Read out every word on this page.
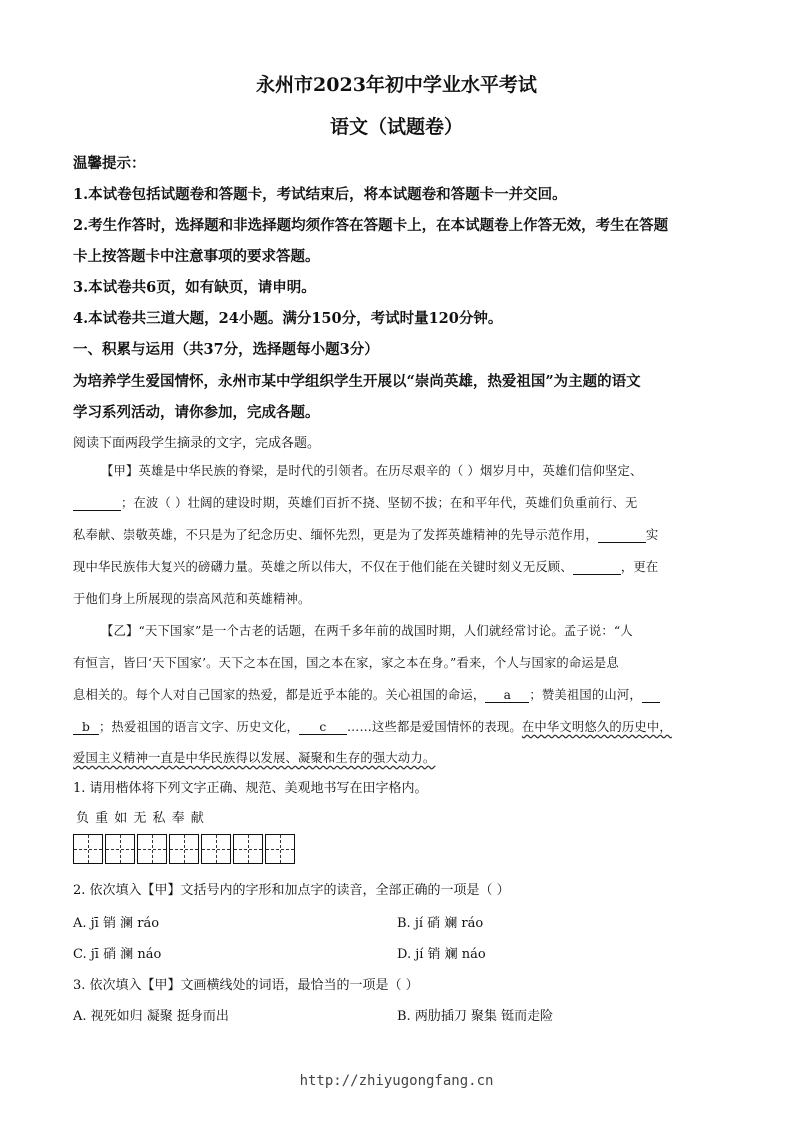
永州市2023年初中学业水平考试
语文（试题卷）
温馨提示：
1.本试卷包括试题卷和答题卡，考试结束后，将本试题卷和答题卡一并交回。
2.考生作答时，选择题和非选择题均须作答在答题卡上，在本试题卷上作答无效，考生在答题
卡上按答题卡中注意事项的要求答题。
3.本试卷共6页，如有缺页，请申明。
4.本试卷共三道大题，24小题。满分150分，考试时量120分钟。
一、积累与运用（共37分，选择题每小题3分）
为培养学生爱国情怀，永州市某中学组织学生开展以“崇尚英雄，热爱祖国”为主题的语文
学习系列活动，请你参加，完成各题。
阅读下面两段学生摘录的文字，完成各题。
【甲】英雄是中华民族的脊梁，是时代的引领者。在历尽艰辛的（ ）烟岁月中，英雄们信仰坚定、
；在波（ ）壮阔的建设时期，英雄们百折不挠、坚韧不拔；在和平年代，英雄们负重前行、无
私奉献、崇敬英雄，不只是为了纪念历史、缅怀先烈，更是为了发挥英雄精神的先导示范作用，	实
现中华民族伟大复兴的磅礴力量。英雄之所以伟大，不仅在于他们能在关键时刻义无反顾、	，更在
于他们身上所展现的崇高风范和英雄精神。
【乙】“天下国家”是一个古老的话题，在两千多年前的战国时期，人们就经常讨论。孟子说：“人
有恒言，皆曰‘天下国家’。天下之本在国，国之本在家，家之本在身。”看来，个人与国家的命运是息
息相关的。每个人对自己国家的热爱，都是近乎本能的。关心祖国的命运， a ；赞美祖国的山河，
b ；热爱祖国的语言文字、历史文化， c ……这些都是爱国情怀的表现。在中华文明悠久的历史中，
爱国主义精神一直是中华民族得以发展、凝聚和生存的强大动力。
1. 请用楷体将下列文字正确、规范、美观地书写在田字格内。
负 重 如 无 私 奉 献
2. 依次填入【甲】文括号内的字形和加点字的读音，全部正确的一项是（ ）
A. jī 销 澜 ráo	B. jí 硝 斓 ráo
C. jī 硝 澜 náo	D. jí 销 斓 náo
3. 依次填入【甲】文画横线处的词语，最恰当的一项是（ ）
A. 视死如归 凝聚 挺身而出	B. 两肋插刀 聚集 铤而走险
http://zhiyugongfang.cn
